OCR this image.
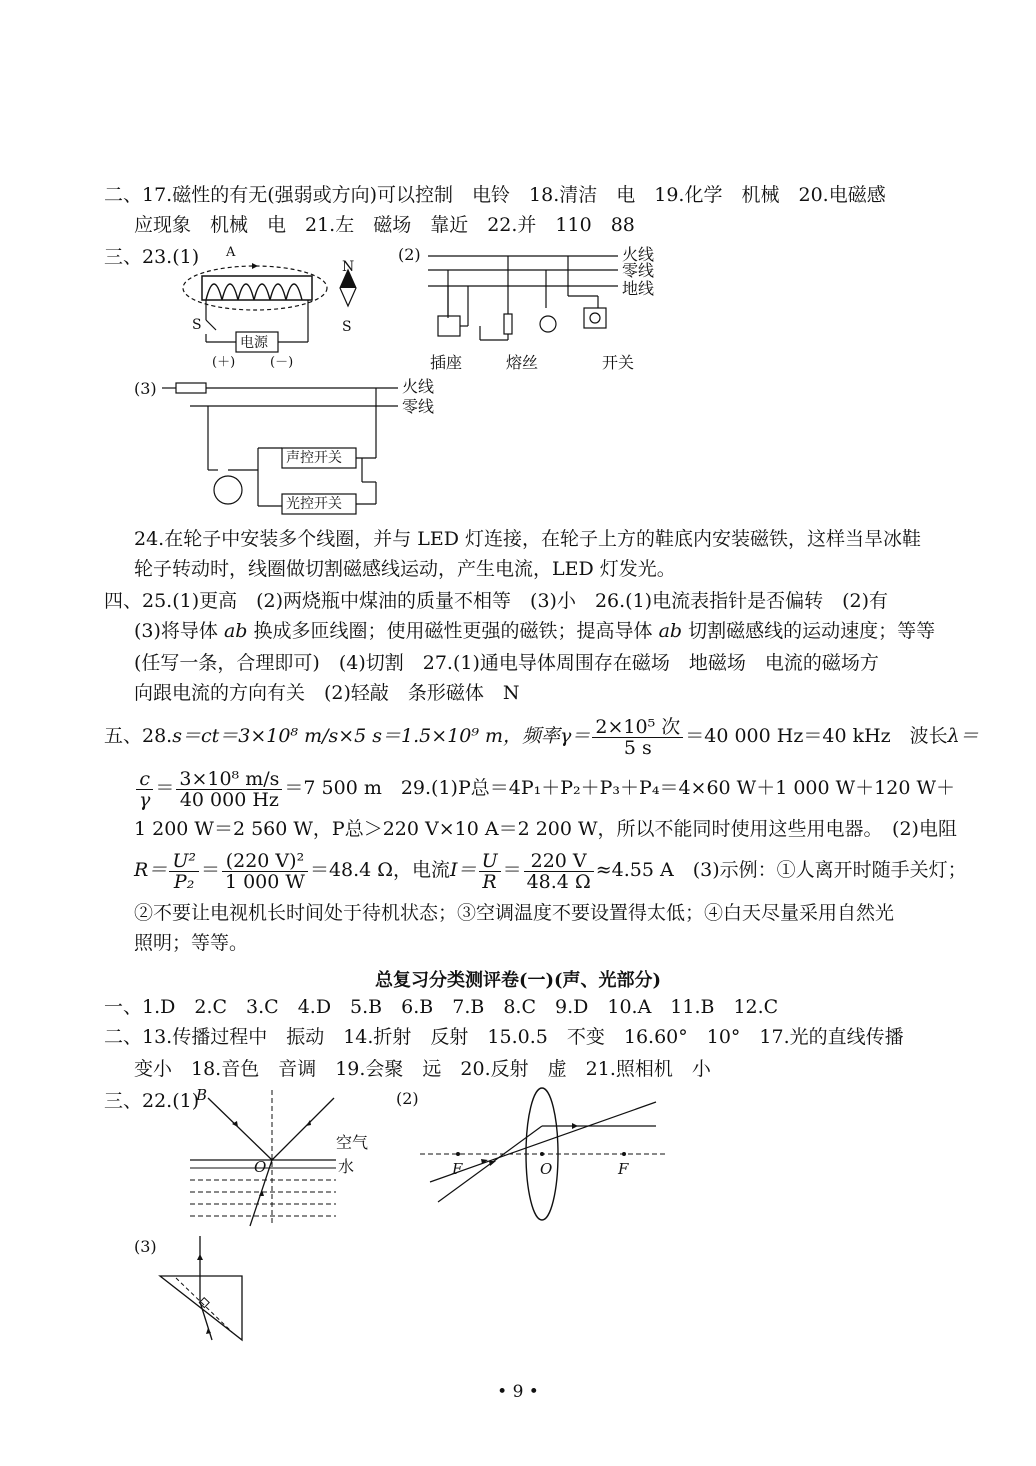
二、17.磁性的有无(强弱或方向)可以控制　电铃　18.清洁　电　19.化学　机械　20.电磁感
应现象　机械　电　21.左　磁场　靠近　22.并　110　88
三、23.(1)	(2)
A
N
S
S
电源
(＋)	(－)
火线
零线
地线
插座	熔丝	开关
(3)	火线
零线
声控开关
光控开关
24.在轮子中安装多个线圈，并与 LED 灯连接，在轮子上方的鞋底内安装磁铁，这样当旱冰鞋
轮子转动时，线圈做切割磁感线运动，产生电流，LED 灯发光。
四、25.(1)更高　(2)两烧瓶中煤油的质量不相等　(3)小　26.(1)电流表指针是否偏转　(2)有
(3)将导体 ab 换成多匝线圈；使用磁性更强的磁铁；提高导体 ab 切割磁感线的运动速度；等等
(任写一条，合理即可)　(4)切割　27.(1)通电导体周围存在磁场　地磁场　电流的磁场方
向跟电流的方向有关　(2)轻敲　条形磁体　N
五、28.s＝ct＝3×10⁸ m/s×5 s＝1.5×10⁹ m，频率$\gamma= \frac{\text{2×10⁵ 次}}{5 s} =40$ 000 Hz＝40 kHz　波长λ＝
$\frac{c}{\gamma} = \frac{\text{3×10⁸ m/s}}{40 000 Hz} =7$ 500 m　29.(1)P总＝4P₁＋P₂＋P₃＋P₄＝4×60 W＋1 000 W＋120 W＋
1 200 W＝2 560 W，P总＞220 V×10 A＝2 200 W，所以不能同时使用这些用电器。　(2)电阻
$R= \frac{\text{U²}}{\text{P₂}} = \frac{\text{(220 V)²}}{1 000 W} =48.4$ Ω，电流$I= \frac{U}{R} = \frac{220 V}{48.4 \Omega} \approx 4.55$ A　(3)示例：①人离开时随手关灯；
②不要让电视机长时间处于待机状态；③空调温度不要设置得太低；④白天尽量采用自然光
照明；等等。
总复习分类测评卷(一)(声、光部分)
一、1.D　2.C　3.C　4.D　5.B　6.B　7.B　8.C　9.D　10.A　11.B　12.C
二、13.传播过程中　振动　14.折射　反射　15.0.5　不变　16.60°　10°　17.光的直线传播
变小　18.音色　音调　19.会聚　远　20.反射　虚　21.照相机　小
三、22.(1)
B
O
空气
水
(2)
F	O	F
(3)
• 9 •
